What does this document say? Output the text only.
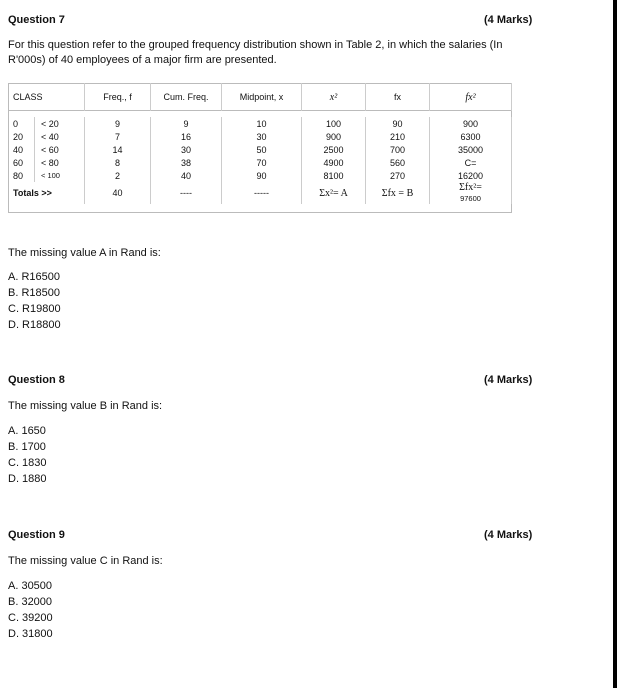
Question 7	(4 Marks)
For this question refer to the grouped frequency distribution shown in Table 2, in which the salaries (In
R'000s) of 40 employees of a major firm are presented.
CLASS		Freq., f	Cum. Freq.	Midpoint, x	x²	fx	fx²

0	< 20	9	9	10	100	90	900
20	< 40	7	16	30	900	210	6300
40	< 60	14	30	50	2500	700	35000
60	< 80	8	38	70	4900	560	C=
80	< 100	2	40	90	8100	270	16200
Totals >>		40	----	-----	Σx²= A	Σfx = B	Σfx²=
97600

The missing value A in Rand is:
A. R16500
B. R18500
C. R19800
D. R18800
Question 8	(4 Marks)
The missing value B in Rand is:
A. 1650
B. 1700
C. 1830
D. 1880
Question 9	(4 Marks)
The missing value C in Rand is:
A. 30500
B. 32000
C. 39200
D. 31800
